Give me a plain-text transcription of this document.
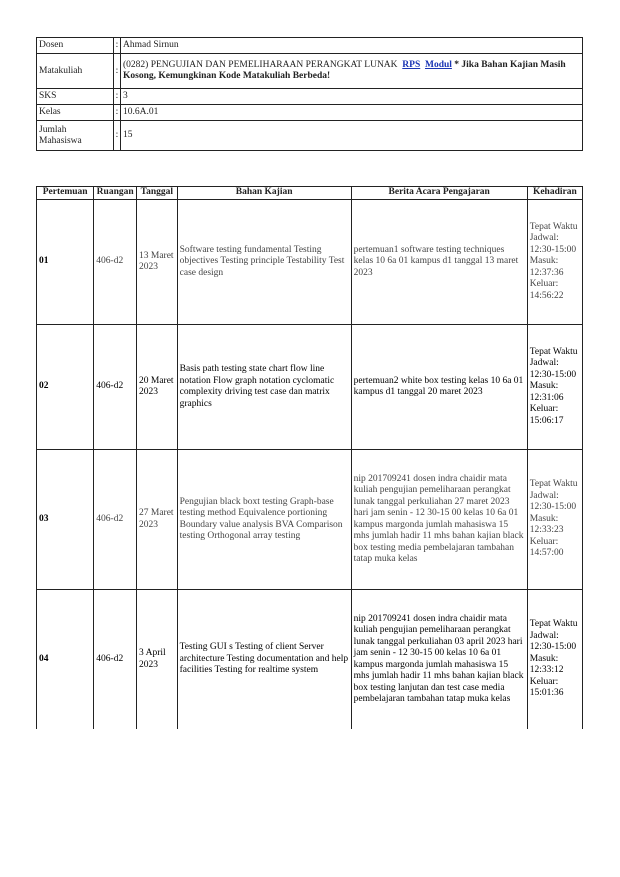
Dosen	:	Ahmad Sirnun
Matakuliah	:	(0282) PENGUJIAN DAN PEMELIHARAAN PERANGKAT LUNAK RPS Modul * Jika Bahan Kajian Masih Kosong, Kemungkinan Kode Matakuliah Berbeda!
SKS	:	3
Kelas	:	10.6A.01
Jumlah Mahasiswa	:	15
Pertemuan	Ruangan	Tanggal	Bahan Kajian	Berita Acara Pengajaran	Kehadiran
01	406-d2	13 Maret 2023	Software testing fundamental Testing objectives Testing principle Testability Test case design	pertemuan1 software testing techniques kelas 10 6a 01 kampus d1 tanggal 13 maret 2023	Tepat Waktu Jadwal: 12:30-15:00 Masuk: 12:37:36 Keluar: 14:56:22
02	406-d2	20 Maret 2023	Basis path testing state chart flow line notation Flow graph notation cyclomatic complexity driving test case dan matrix graphics	pertemuan2 white box testing kelas 10 6a 01 kampus d1 tanggal 20 maret 2023	Tepat Waktu Jadwal: 12:30-15:00 Masuk: 12:31:06 Keluar: 15:06:17
03	406-d2	27 Maret 2023	Pengujian black boxt testing Graph-base testing method Equivalence portioning Boundary value analysis BVA Comparison testing Orthogonal array testing	nip 201709241 dosen indra chaidir mata kuliah pengujian pemeliharaan perangkat lunak tanggal perkuliahan 27 maret 2023 hari jam senin - 12 30-15 00 kelas 10 6a 01 kampus margonda jumlah mahasiswa 15 mhs jumlah hadir 11 mhs bahan kajian black box testing media pembelajaran tambahan tatap muka kelas	Tepat Waktu Jadwal: 12:30-15:00 Masuk: 12:33:23 Keluar: 14:57:00
04	406-d2	3 April 2023	Testing GUI s Testing of client Server architecture Testing documentation and help facilities Testing for realtime system	nip 201709241 dosen indra chaidir mata kuliah pengujian pemeliharaan perangkat lunak tanggal perkuliahan 03 april 2023 hari jam senin - 12 30-15 00 kelas 10 6a 01 kampus margonda jumlah mahasiswa 15 mhs jumlah hadir 11 mhs bahan kajian black box testing lanjutan dan test case media pembelajaran tambahan tatap muka kelas	Tepat Waktu Jadwal: 12:30-15:00 Masuk: 12:33:12 Keluar: 15:01:36
